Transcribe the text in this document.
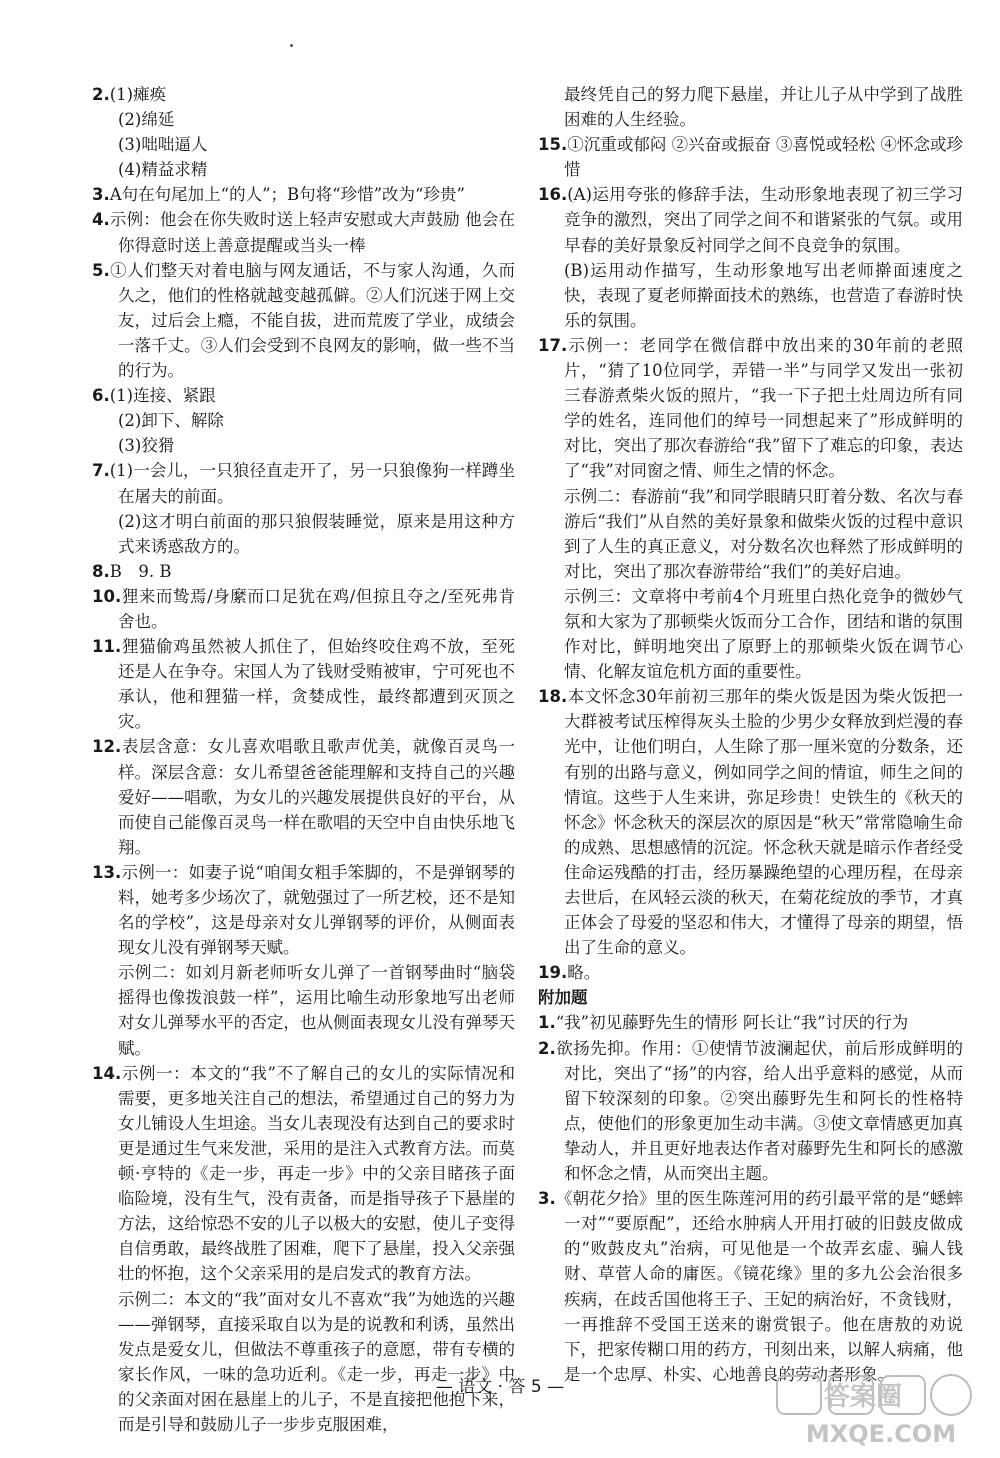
2.(1)瘫痪

(2)绵延

(3)咄咄逼人

(4)精益求精

3.A句在句尾加上“的人”；B句将“珍惜”改为“珍贵”

4.示例：他会在你失败时送上轻声安慰或大声鼓励 他会在你得意时送上善意提醒或当头一棒

5.①人们整天对着电脑与网友通话，不与家人沟通，久而久之，他们的性格就越变越孤僻。②人们沉迷于网上交友，过后会上瘾，不能自拔，进而荒废了学业，成绩会一落千丈。③人们会受到不良网友的影响，做一些不当的行为。

6.(1)连接、紧跟

(2)卸下、解除

(3)狡猾

7.(1)一会儿，一只狼径直走开了，另一只狼像狗一样蹲坐在屠夫的前面。

(2)这才明白前面的那只狼假装睡觉，原来是用这种方式来诱惑敌方的。

8.B　9. B

10.狸来而鸷焉/身縻而口足犹在鸡/但掠且夺之/至死弗肯舍也。

11.狸猫偷鸡虽然被人抓住了，但始终咬住鸡不放，至死还是人在争夺。宋国人为了钱财受贿被审，宁可死也不承认，他和狸猫一样，贪婪成性，最终都遭到灭顶之灾。

12.表层含意：女儿喜欢唱歌且歌声优美，就像百灵鸟一样。深层含意：女儿希望爸爸能理解和支持自己的兴趣爱好——唱歌，为女儿的兴趣发展提供良好的平台，从而使自己能像百灵鸟一样在歌唱的天空中自由快乐地飞翔。

13.示例一：如妻子说“咱闺女粗手笨脚的，不是弹钢琴的料，她考多少场次了，就勉强过了一所艺校，还不是知名的学校”，这是母亲对女儿弹钢琴的评价，从侧面表现女儿没有弹钢琴天赋。

示例二：如刘月新老师听女儿弹了一首钢琴曲时“脑袋摇得也像拨浪鼓一样”，运用比喻生动形象地写出老师对女儿弹琴水平的否定，也从侧面表现女儿没有弹琴天赋。

14.示例一：本文的“我”不了解自己的女儿的实际情况和需要，更多地关注自己的想法，希望通过自己的努力为女儿铺设人生坦途。当女儿表现没有达到自己的要求时更是通过生气来发泄，采用的是注入式教育方法。而莫顿·亨特的《走一步，再走一步》中的父亲目睹孩子面临险境，没有生气，没有责备，而是指导孩子下悬崖的方法，这给惊恐不安的儿子以极大的安慰，使儿子变得自信勇敢，最终战胜了困难，爬下了悬崖，投入父亲强壮的怀抱，这个父亲采用的是启发式的教育方法。

示例二：本文的“我”面对女儿不喜欢“我”为她选的兴趣——弹钢琴，直接采取自以为是的说教和利诱，虽然出发点是爱女儿，但做法不尊重孩子的意愿，带有专横的家长作风，一味的急功近利。《走一步，再走一步》中的父亲面对困在悬崖上的儿子，不是直接把他抱下来，而是引导和鼓励儿子一步步克服困难，

最终凭自己的努力爬下悬崖，并让儿子从中学到了战胜困难的人生经验。

15.①沉重或郁闷 ②兴奋或振奋 ③喜悦或轻松 ④怀念或珍惜

16.(A)运用夸张的修辞手法，生动形象地表现了初三学习竞争的激烈，突出了同学之间不和谐紧张的气氛。或用早春的美好景象反衬同学之间不良竞争的氛围。

(B)运用动作描写，生动形象地写出老师擀面速度之快，表现了夏老师擀面技术的熟练，也营造了春游时快乐的氛围。

17.示例一：老同学在微信群中放出来的30年前的老照片，“猜了10位同学，弄错一半”与同学又发出一张初三春游煮柴火饭的照片，“我一下子把土灶周边所有同学的姓名，连同他们的绰号一同想起来了”形成鲜明的对比，突出了那次春游给“我”留下了难忘的印象，表达了“我”对同窗之情、师生之情的怀念。

示例二：春游前“我”和同学眼睛只盯着分数、名次与春游后“我们”从自然的美好景象和做柴火饭的过程中意识到了人生的真正意义，对分数名次也释然了形成鲜明的对比，突出了那次春游带给“我们”的美好启迪。

示例三：文章将中考前4个月班里白热化竞争的微妙气氛和大家为了那顿柴火饭而分工合作，团结和谐的氛围作对比，鲜明地突出了原野上的那顿柴火饭在调节心情、化解友谊危机方面的重要性。

18.本文怀念30年前初三那年的柴火饭是因为柴火饭把一大群被考试压榨得灰头土脸的少男少女释放到烂漫的春光中，让他们明白，人生除了那一厘米宽的分数条，还有别的出路与意义，例如同学之间的情谊，师生之间的情谊。这些于人生来讲，弥足珍贵！史铁生的《秋天的怀念》怀念秋天的深层次的原因是“秋天”常常隐喻生命的成熟、思想感情的沉淀。怀念秋天就是暗示作者经受住命运残酷的打击，经历暴躁绝望的心理历程，在母亲去世后，在风轻云淡的秋天，在菊花绽放的季节，才真正体会了母爱的坚忍和伟大，才懂得了母亲的期望，悟出了生命的意义。

19.略。

附加题

1.“我”初见藤野先生的情形 阿长让“我”讨厌的行为

2.欲扬先抑。作用：①使情节波澜起伏，前后形成鲜明的对比，突出了“扬”的内容，给人出乎意料的感觉，从而留下较深刻的印象。②突出藤野先生和阿长的性格特点，使他们的形象更加生动丰满。③使文章情感更加真挚动人，并且更好地表达作者对藤野先生和阿长的感激和怀念之情，从而突出主题。

3.《朝花夕拾》里的医生陈莲河用的药引最平常的是“蟋蟀一对”“要原配”，还给水肿病人开用打破的旧鼓皮做成的“败鼓皮丸”治病，可见他是一个故弄玄虚、骗人钱财、草菅人命的庸医。《镜花缘》里的多九公会治很多疾病，在歧舌国他将王子、王妃的病治好，不贪钱财，一再推辞不受国王送来的谢赏银子。他在唐敖的劝说下，把家传糊口用的药方，刊刻出来，以解人病痛，他是一个忠厚、朴实、心地善良的劳动者形象。

— 语文 · 答 5 —	答案圈
MXQE.COM
